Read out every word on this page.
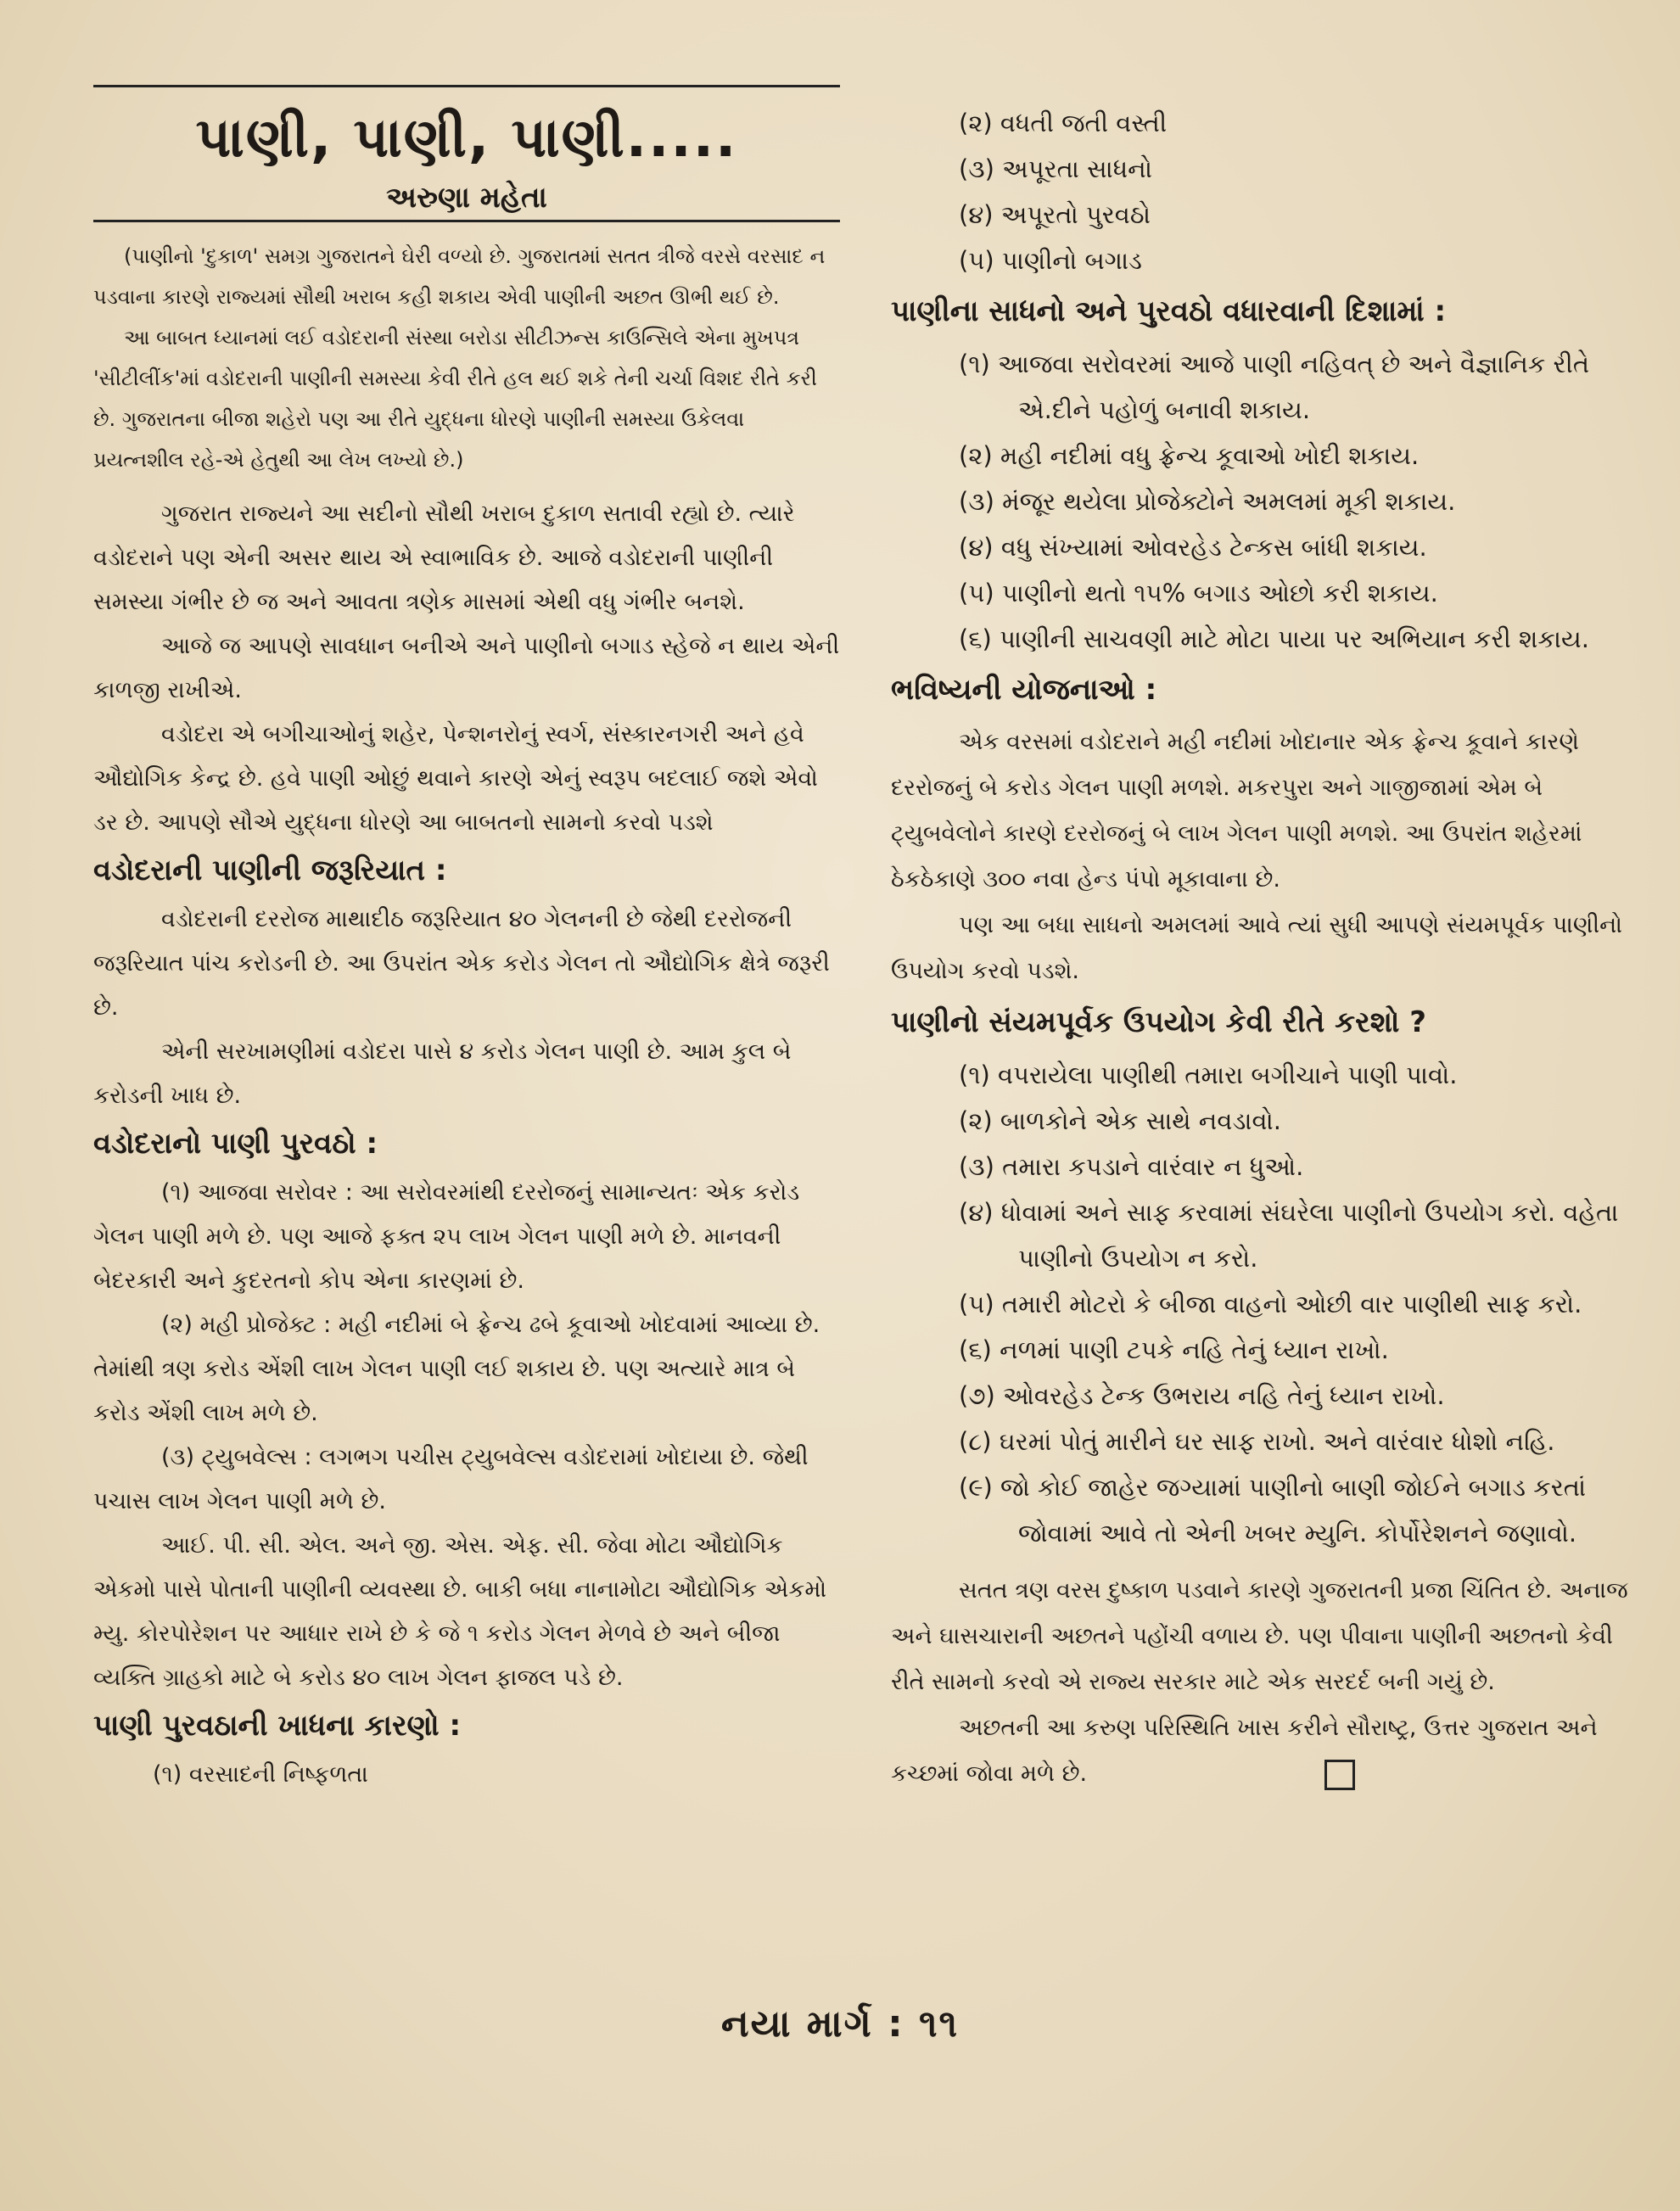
પાણી, પાણી, પાણી.....
અરુણા મહેતા

(પાણીનો 'દુકાળ' સમગ્ર ગુજરાતને ઘેરી વળ્યો છે. ગુજરાતમાં સતત ત્રીજે વરસે વરસાદ ન પડવાના કારણે રાજ્યમાં સૌથી ખરાબ કહી શકાય એવી પાણીની અછત ઊભી થઈ છે.

આ બાબત ધ્યાનમાં લઈ વડોદરાની સંસ્થા બરોડા સીટીઝન્સ કાઉન્સિલે એના મુખપત્ર 'સીટીલીંક'માં વડોદરાની પાણીની સમસ્યા કેવી રીતે હલ થઈ શકે તેની ચર્ચા વિશદ રીતે કરી છે. ગુજરાતના બીજા શહેરો પણ આ રીતે યુદ્ધના ધોરણે પાણીની સમસ્યા ઉકેલવા પ્રયત્નશીલ રહે-એ હેતુથી આ લેખ લખ્યો છે.)

ગુજરાત રાજ્યને આ સદીનો સૌથી ખરાબ દુકાળ સતાવી રહ્યો છે. ત્યારે વડોદરાને પણ એની અસર થાય એ સ્વાભાવિક છે. આજે વડોદરાની પાણીની સમસ્યા ગંભીર છે જ અને આવતા ત્રણેક માસમાં એથી વધુ ગંભીર બનશે.

આજે જ આપણે સાવધાન બનીએ અને પાણીનો બગાડ સ્હેજે ન થાય એની કાળજી રાખીએ.

વડોદરા એ બગીચાઓનું શહેર, પેન્શનરોનું સ્વર્ગ, સંસ્કારનગરી અને હવે ઔદ્યોગિક કેન્દ્ર છે. હવે પાણી ઓછું થવાને કારણે એનું સ્વરૂપ બદલાઈ જશે એવો ડર છે. આપણે સૌએ યુદ્ધના ધોરણે આ બાબતનો સામનો કરવો પડશે

વડોદરાની પાણીની જરૂરિયાત :

વડોદરાની દરરોજ માથાદીઠ જરૂરિયાત ૪૦ ગેલનની છે જેથી દરરોજની જરૂરિયાત પાંચ કરોડની છે. આ ઉપરાંત એક કરોડ ગેલન તો ઔદ્યોગિક ક્ષેત્રે જરૂરી છે.

એની સરખામણીમાં વડોદરા પાસે ૪ કરોડ ગેલન પાણી છે. આમ કુલ બે કરોડની ખાધ છે.

વડોદરાનો પાણી પુરવઠો :

(૧) આજવા સરોવર : આ સરોવરમાંથી દરરોજનું સામાન્યતઃ એક કરોડ ગેલન પાણી મળે છે. પણ આજે ફક્ત ૨૫ લાખ ગેલન પાણી મળે છે. માનવની બેદરકારી અને કુદરતનો કોપ એના કારણમાં છે.

(૨) મહી પ્રોજેક્ટ : મહી નદીમાં બે ફ્રેન્ચ ઢબે કૂવાઓ ખોદવામાં આવ્યા છે. તેમાંથી ત્રણ કરોડ એંશી લાખ ગેલન પાણી લઈ શકાય છે. પણ અત્યારે માત્ર બે કરોડ એંશી લાખ મળે છે.

(૩) ટ્યુબવેલ્સ : લગભગ પચીસ ટ્યુબવેલ્સ વડોદરામાં ખોદાયા છે. જેથી પચાસ લાખ ગેલન પાણી મળે છે.

આઈ. પી. સી. એલ. અને જી. એસ. એફ. સી. જેવા મોટા ઔદ્યોગિક એકમો પાસે પોતાની પાણીની વ્યવસ્થા છે. બાકી બધા નાનામોટા ઔદ્યોગિક એકમો મ્યુ. કોરપોરેશન પર આધાર રાખે છે કે જે ૧ કરોડ ગેલન મેળવે છે અને બીજા વ્યક્તિ ગ્રાહકો માટે બે કરોડ ૪૦ લાખ ગેલન ફાજલ પડે છે.

પાણી પુરવઠાની ખાધના કારણો :

(૧) વરસાદની નિષ્ફળતા

(૨) વધતી જતી વસ્તી

(૩) અપૂરતા સાધનો

(૪) અપૂરતો પુરવઠો

(૫) પાણીનો બગાડ

પાણીના સાધનો અને પુરવઠો વધારવાની દિશામાં :

(૧) આજવા સરોવરમાં આજે પાણી નહિવત્ છે અને વૈજ્ઞાનિક રીતે એ.દીને પહોળું બનાવી શકાય.

(૨) મહી નદીમાં વધુ ફ્રેન્ચ કૂવાઓ ખોદી શકાય.

(૩) મંજૂર થયેલા પ્રોજેક્ટોને અમલમાં મૂકી શકાય.

(૪) વધુ સંખ્યામાં ઓવરહેડ ટેન્કસ બાંધી શકાય.

(૫) પાણીનો થતો ૧૫% બગાડ ઓછો કરી શકાય.

(૬) પાણીની સાચવણી માટે મોટા પાયા પર અભિયાન કરી શકાય.

ભવિષ્યની યોજનાઓ :

એક વરસમાં વડોદરાને મહી નદીમાં ખોદાનાર એક ફ્રેન્ચ કૂવાને કારણે દરરોજનું બે કરોડ ગેલન પાણી મળશે. મકરપુરા અને ગાજીજામાં એમ બે ટ્યુબવેલોને કારણે દરરોજનું બે લાખ ગેલન પાણી મળશે. આ ઉપરાંત શહેરમાં ઠેકઠેકાણે ૩૦૦ નવા હેન્ડ પંપો મૂકાવાના છે.

પણ આ બધા સાધનો અમલમાં આવે ત્યાં સુધી આપણે સંયમપૂર્વક પાણીનો ઉપયોગ કરવો પડશે.

પાણીનો સંયમપૂર્વક ઉપયોગ કેવી રીતે કરશો ?

(૧) વપરાયેલા પાણીથી તમારા બગીચાને પાણી પાવો.

(૨) બાળકોને એક સાથે નવડાવો.

(૩) તમારા કપડાને વારંવાર ન ધુઓ.

(૪) ધોવામાં અને સાફ કરવામાં સંઘરેલા પાણીનો ઉપયોગ કરો. વહેતા પાણીનો ઉપયોગ ન કરો.

(૫) તમારી મોટરો કે બીજા વાહનો ઓછી વાર પાણીથી સાફ કરો.

(૬) નળમાં પાણી ટપકે નહિ તેનું ધ્યાન રાખો.

(૭) ઓવરહેડ ટેન્ક ઉભરાય નહિ તેનું ધ્યાન રાખો.

(૮) ઘરમાં પોતું મારીને ઘર સાફ રાખો. અને વારંવાર ધોશો નહિ.

(૯) જો કોઈ જાહેર જગ્યામાં પાણીનો બાણી જોઈને બગાડ કરતાં જોવામાં આવે તો એની ખબર મ્યુનિ. કોર્પોરેશનને જણાવો.

સતત ત્રણ વરસ દુષ્કાળ પડવાને કારણે ગુજરાતની પ્રજા ચિંતિત છે. અનાજ અને ઘાસચારાની અછતને પહોંચી વળાય છે. પણ પીવાના પાણીની અછતનો કેવી રીતે સામનો કરવો એ રાજ્ય સરકાર માટે એક સરદર્દ બની ગયું છે.

અછતની આ કરુણ પરિસ્થિતિ ખાસ કરીને સૌરાષ્ટ્ર, ઉત્તર ગુજરાત અને કચ્છમાં જોવા મળે છે.

નયા માર્ગ : ૧૧
